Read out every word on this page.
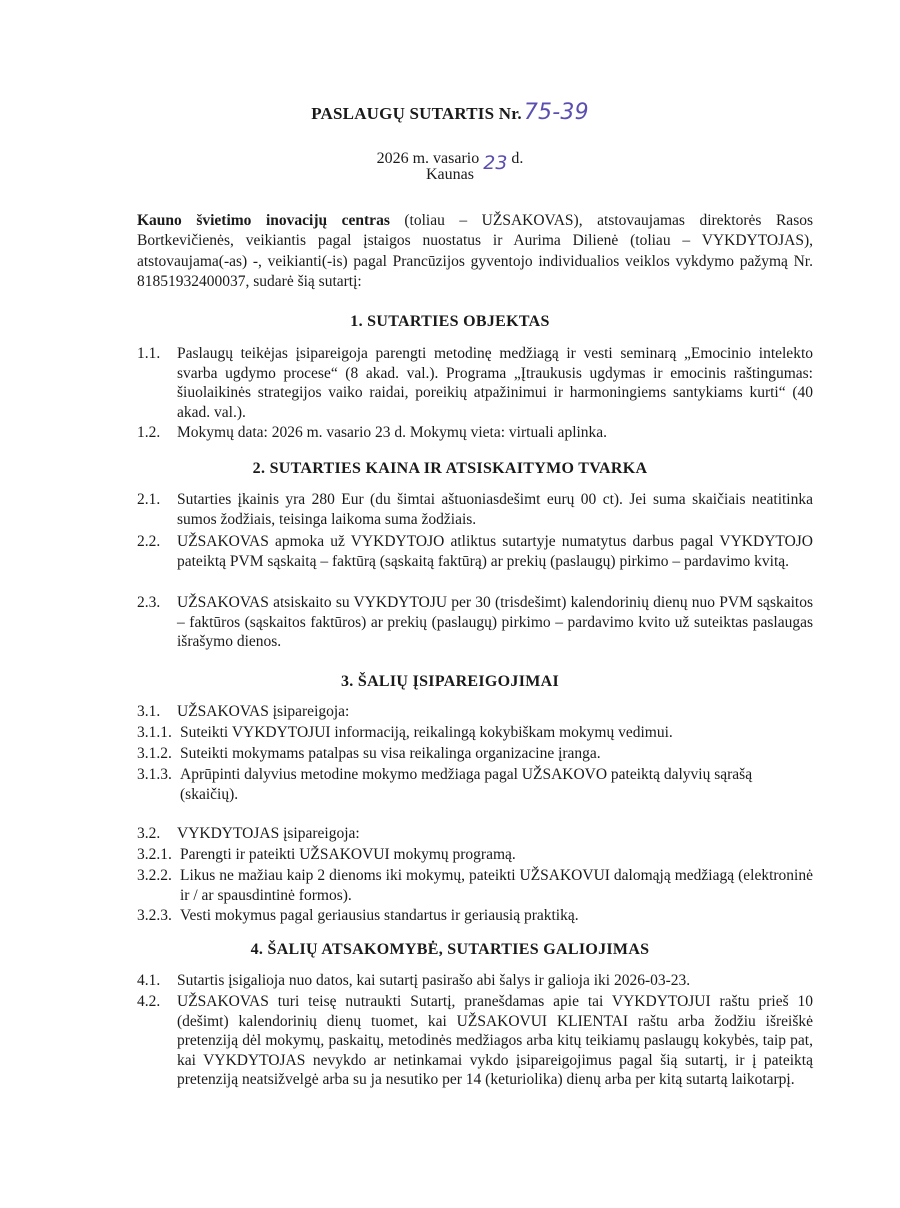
PASLAUGŲ SUTARTIS Nr.75-39
2026 m. vasario 23 d.
Kaunas
Kauno švietimo inovacijų centras (toliau – UŽSAKOVAS), atstovaujamas direktorės Rasos Bortkevičienės, veikiantis pagal įstaigos nuostatus ir Aurima Dilienė (toliau – VYKDYTOJAS), atstovaujama(-as) -, veikianti(-is) pagal Prancūzijos gyventojo individualios veiklos vykdymo pažymą Nr. 81851932400037, sudarė šią sutartį:
1. SUTARTIES OBJEKTAS
1.1. Paslaugų teikėjas įsipareigoja parengti metodinę medžiagą ir vesti seminarą „Emocinio intelekto svarba ugdymo procese“ (8 akad. val.). Programa „Įtraukusis ugdymas ir emocinis raštingumas: šiuolaikinės strategijos vaiko raidai, poreikių atpažinimui ir harmoningiems santykiams kurti“ (40 akad. val.).
1.2. Mokymų data: 2026 m. vasario 23 d. Mokymų vieta: virtuali aplinka.
2. SUTARTIES KAINA IR ATSISKAITYMO TVARKA
2.1. Sutarties įkainis yra 280 Eur (du šimtai aštuoniasdešimt eurų 00 ct). Jei suma skaičiais neatitinka sumos žodžiais, teisinga laikoma suma žodžiais.
2.2. UŽSAKOVAS apmoka už VYKDYTOJO atliktus sutartyje numatytus darbus pagal VYKDYTOJO pateiktą PVM sąskaitą – faktūrą (sąskaitą faktūrą) ar prekių (paslaugų) pirkimo – pardavimo kvitą.
2.3. UŽSAKOVAS atsiskaito su VYKDYTOJU per 30 (trisdešimt) kalendorinių dienų nuo PVM sąskaitos – faktūros (sąskaitos faktūros) ar prekių (paslaugų) pirkimo – pardavimo kvito už suteiktas paslaugas išrašymo dienos.
3. ŠALIŲ ĮSIPAREIGOJIMAI
3.1. UŽSAKOVAS įsipareigoja:
3.1.1. Suteikti VYKDYTOJUI informaciją, reikalingą kokybiškam mokymų vedimui.
3.1.2. Suteikti mokymams patalpas su visa reikalinga organizacine įranga.
3.1.3. Aprūpinti dalyvius metodine mokymo medžiaga pagal UŽSAKOVO pateiktą dalyvių sąrašą (skaičių).
3.2. VYKDYTOJAS įsipareigoja:
3.2.1. Parengti ir pateikti UŽSAKOVUI mokymų programą.
3.2.2. Likus ne mažiau kaip 2 dienoms iki mokymų, pateikti UŽSAKOVUI dalomąją medžiagą (elektroninė ir / ar spausdintinė formos).
3.2.3. Vesti mokymus pagal geriausius standartus ir geriausią praktiką.
4. ŠALIŲ ATSAKOMYBĖ, SUTARTIES GALIOJIMAS
4.1. Sutartis įsigalioja nuo datos, kai sutartį pasirašo abi šalys ir galioja iki 2026-03-23.
4.2. UŽSAKOVAS turi teisę nutraukti Sutartį, pranešdamas apie tai VYKDYTOJUI raštu prieš 10 (dešimt) kalendorinių dienų tuomet, kai UŽSAKOVUI KLIENTAI raštu arba žodžiu išreiškė pretenziją dėl mokymų, paskaitų, metodinės medžiagos arba kitų teikiamų paslaugų kokybės, taip pat, kai VYKDYTOJAS nevykdo ar netinkamai vykdo įsipareigojimus pagal šią sutartį, ir į pateiktą pretenziją neatsižvelgė arba su ja nesutiko per 14 (keturiolika) dienų arba per kitą sutartą laikotarpį.
